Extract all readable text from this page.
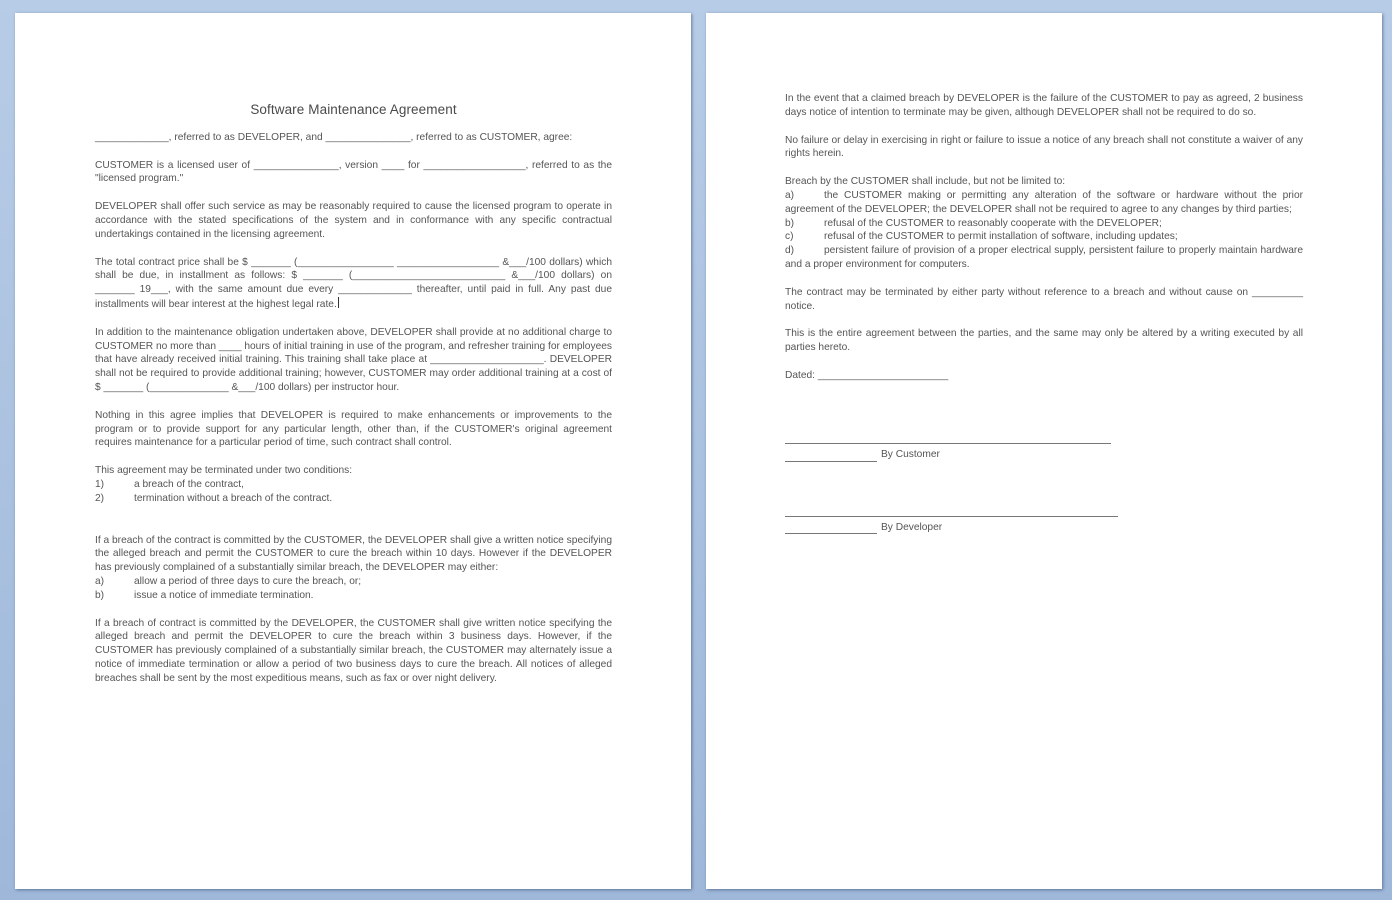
Software Maintenance Agreement

_____________, referred to as DEVELOPER, and _______________, referred to as CUSTOMER, agree:

CUSTOMER is a licensed user of _______________, version ____ for __________________, referred to as the "licensed program."

DEVELOPER shall offer such service as may be reasonably required to cause the licensed program to operate in accordance with the stated specifications of the system and in conformance with any specific contractual undertakings contained in the licensing agreement.

The total contract price shall be $ _______ (_________________ __________________ &___/100 dollars) which shall be due, in installment as follows: $ _______ (___________________________ &___/100 dollars) on _______ 19___, with the same amount due every _____________ thereafter, until paid in full. Any past due installments will bear interest at the highest legal rate.

In addition to the maintenance obligation undertaken above, DEVELOPER shall provide at no additional charge to CUSTOMER no more than ____ hours of initial training in use of the program, and refresher training for employees that have already received initial training. This training shall take place at ____________________. DEVELOPER shall not be required to provide additional training; however, CUSTOMER may order additional training at a cost of $ _______ (______________ &___/100 dollars) per instructor hour.

Nothing in this agree implies that DEVELOPER is required to make enhancements or improvements to the program or to provide support for any particular length, other than, if the CUSTOMER's original agreement requires maintenance for a particular period of time, such contract shall control.

This agreement may be terminated under two conditions:
1)	a breach of the contract,
2)	termination without a breach of the contract.
If a breach of the contract is committed by the CUSTOMER, the DEVELOPER shall give a written notice specifying the alleged breach and permit the CUSTOMER to cure the breach within 10 days. However if the DEVELOPER has previously complained of a substantially similar breach, the DEVELOPER may either:
a)	allow a period of three days to cure the breach, or;
b)	issue a notice of immediate termination.

If a breach of contract is committed by the DEVELOPER, the CUSTOMER shall give written notice specifying the alleged breach and permit the DEVELOPER to cure the breach within 3 business days. However, if the CUSTOMER has previously complained of a substantially similar breach, the CUSTOMER may alternately issue a notice of immediate termination or allow a period of two business days to cure the breach. All notices of alleged breaches shall be sent by the most expeditious means, such as fax or over night delivery.

In the event that a claimed breach by DEVELOPER is the failure of the CUSTOMER to pay as agreed, 2 business days notice of intention to terminate may be given, although DEVELOPER shall not be required to do so.

No failure or delay in exercising in right or failure to issue a notice of any breach shall not constitute a waiver of any rights herein.

Breach by the CUSTOMER shall include, but not be limited to:
a)	the CUSTOMER making or permitting any alteration of the software or hardware without the prior agreement of the DEVELOPER; the DEVELOPER shall not be required to agree to any changes by third parties;
b)	refusal of the CUSTOMER to reasonably cooperate with the DEVELOPER;
c)	refusal of the CUSTOMER to permit installation of software, including updates;
d)	persistent failure of provision of a proper electrical supply, persistent failure to properly maintain hardware and a proper environment for computers.

The contract may be terminated by either party without reference to a breach and without cause on _________ notice.

This is the entire agreement between the parties, and the same may only be altered by a writing executed by all parties hereto.

Dated: _______________________
By Customer
By Developer
